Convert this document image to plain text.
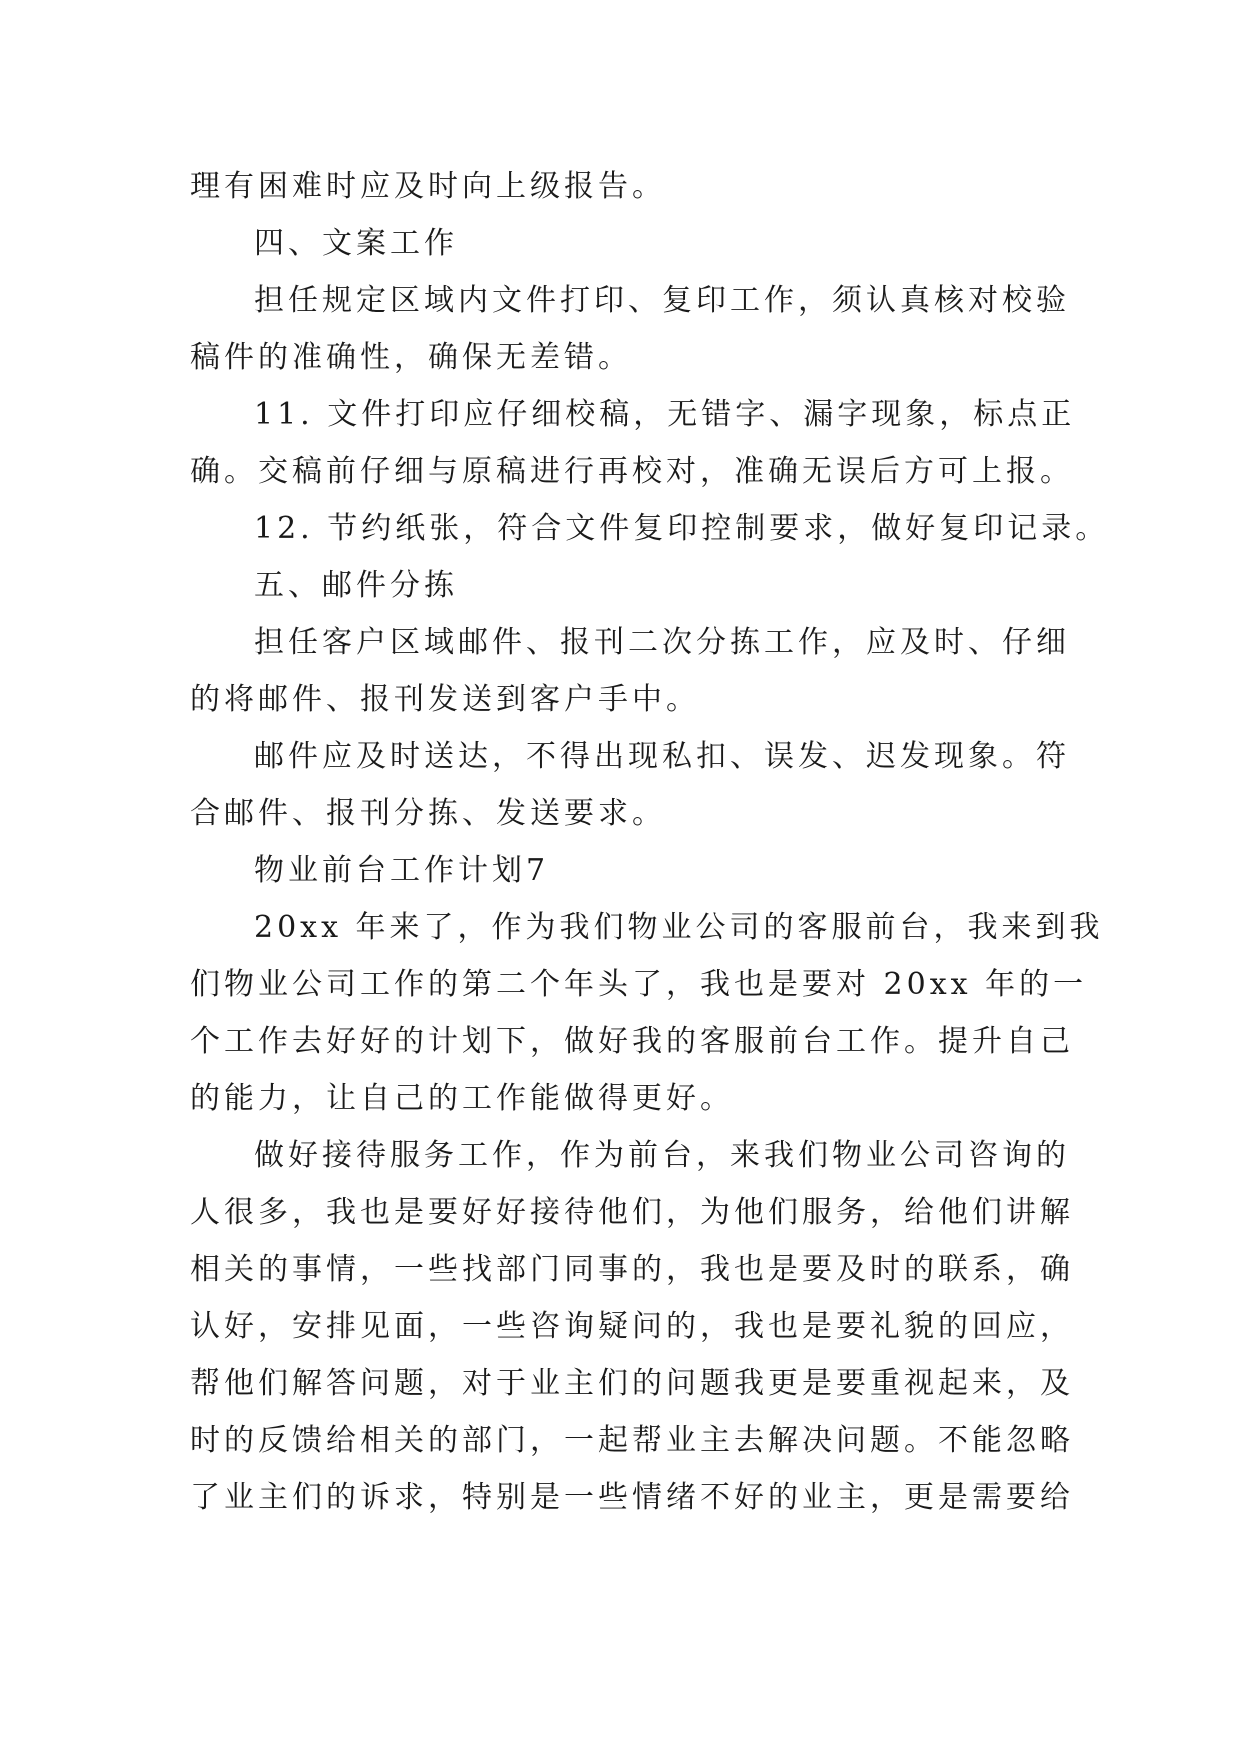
理有困难时应及时向上级报告。
四、文案工作
担任规定区域内文件打印、复印工作，须认真核对校验
稿件的准确性，确保无差错。
11. 文件打印应仔细校稿，无错字、漏字现象，标点正
确。交稿前仔细与原稿进行再校对，准确无误后方可上报。
12. 节约纸张，符合文件复印控制要求，做好复印记录。
五、邮件分拣
担任客户区域邮件、报刊二次分拣工作，应及时、仔细
的将邮件、报刊发送到客户手中。
邮件应及时送达，不得出现私扣、误发、迟发现象。符
合邮件、报刊分拣、发送要求。
物业前台工作计划7
20xx 年来了，作为我们物业公司的客服前台，我来到我
们物业公司工作的第二个年头了，我也是要对 20xx 年的一
个工作去好好的计划下，做好我的客服前台工作。提升自己
的能力，让自己的工作能做得更好。
做好接待服务工作，作为前台，来我们物业公司咨询的
人很多，我也是要好好接待他们，为他们服务，给他们讲解
相关的事情，一些找部门同事的，我也是要及时的联系，确
认好，安排见面，一些咨询疑问的，我也是要礼貌的回应，
帮他们解答问题，对于业主们的问题我更是要重视起来，及
时的反馈给相关的部门，一起帮业主去解决问题。不能忽略
了业主们的诉求，特别是一些情绪不好的业主，更是需要给
